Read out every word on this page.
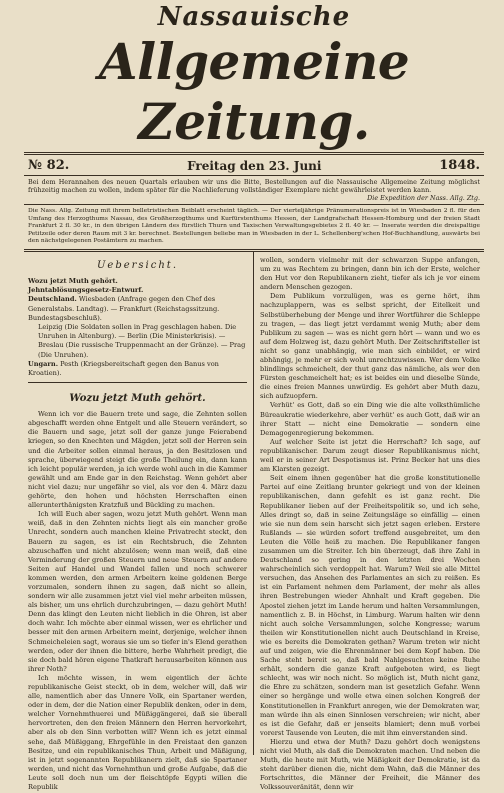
Nassauische
Allgemeine Zeitung.
№ 82.	Freitag den 23. Juni	1848.
Bei dem Herannahen des neuen Quartals erlauben wir uns die Bitte, Bestellungen auf die Nassauische Allgemeine Zeitung möglichst frühzeitig machen zu wollen, indem später für die Nachlieferung vollständiger Exemplare nicht gewährleistet werden kann.
Die Expedition der Nass. Allg. Ztg.
Die Nass. Allg. Zeitung mit ihrem belletristischen Beiblatt erscheint täglich. — Der vierteljährige Pränumerationspreis ist in Wiesbaden 2 fl. für den Umfang des Herzogthums Nassau, des Großherzogthums und Kurfürstenthums Hessen, der Landgrafschaft Hessen-Homburg und der freien Stadt Frankfurt 2 fl. 30 kr., in den übrigen Ländern des fürstlich Thurn und Taxischen Verwaltungsgebietes 2 fl. 40 kr. — Inserate werden die dreispaltige Petitzeile oder deren Raum mit 3 kr. berechnet. Bestellungen beliebe man in Wiesbaden in der L. Schellenberg'schen Hof-Buchhandlung, auswärts bei den nächstgelegenen Postämtern zu machen.
Uebersicht.
Wozu jetzt Muth gehört.
Jehntablösungsgesetz-Entwurf.
Deutschland. Wiesbaden (Anfrage gegen den Chef des Generalstabs. Landtag). — Frankfurt (Reichstagssitzung. Bundestagsbeschluß).
Leipzig (Die Soldaten sollen in Prag geschlagen haben. Die Unruhen in Altenburg). — Berlin (Die Ministerkrisis). — Breslau (Die russische Truppenmacht an der Gränze). — Prag (Die Unruhen).
Ungarn. Pesth (Kriegsbereitschaft gegen den Banus von Kroatien).
Wozu jetzt Muth gehört.

Wenn ich vor die Bauern trete und sage, die Zehnten sollen abgeschafft werden ohne Entgelt und alle Steuern verändert, so die Bauern und sage, jetzt soll der ganze junge Feierabend kriegen, so den Knechten und Mägden, jetzt soll der Herren sein und die Arbeiter sollen einmal heraus, ja den Besitzlosen und sprache, überwiegend steigt die große Theilung ein, dann kann ich leicht populär werden, ja ich werde wohl auch in die Kammer gewählt und am Ende gar in den Reichstag. Wenn gehört aber nicht viel dazu; nur ungefähr so viel, als vor den 4. März dazu gehörte, den hohen und höchsten Herrschaften einen allerunterthänigsten Kratzfuß und Bückling zu machen.

Ich will Euch aber sagen, wozu jetzt Muth gehört. Wenn man weiß, daß in den Zehnten nichts liegt als ein mancher große Unrecht, sondern auch manchen kleine Privatrecht steckt, den Bauern zu sagen, es ist ein Rechtsbruch, die Zehnten abzuschaffen und nicht abzulösen; wenn man weiß, daß eine Verminderung der großen Steuern und neue Steuern auf andere Seiten auf Handel und Wandel fallen und noch schwerer kommen werden, den armen Arbeitern keine goldenen Berge vorzumalen, sondern ihnen zu sagen, daß nicht so allein, sondern wir alle zusammen jetzt viel viel mehr arbeiten müssen, als bisher, um uns ehrlich durchzubringen, — dazu gehört Muth! Denn das klingt den Leuten nicht lieblich in die Ohren, ist aber doch wahr. Ich möchte aber einmal wissen, wer es ehrlicher und besser mit den armen Arbeitern meint, derjenige, welcher ihnen Schmeicheleien sagt, woraus sie um so tiefer in's Elend gerathen werden, oder der ihnen die bittere, herbe Wahrheit predigt, die sie doch bald hören eigene Thatkraft herausarbeiten können aus ihrer Noth?

Ich möchte wissen, in wem eigentlich der ächte republikanische Geist steckt, ob in dem, welcher will, daß wir alle, namentlich aber das Unnere Volk, ein Spartaner werden, oder in dem, der die Nation einer Republik denken, oder in dem, welcher Vornehmthuerei und Müßiggängerei, daß sie überall hervortreten, den den freien Männern den Herren hervorkehrt, aber als ob den Sinn verbotten will? Wenn ich es jetzt einmal sehe, daß Müßiggang, Ehrgefühle in den Freistaat den ganzen Besitze, und ein republikanisches Thun, Arbeit und Mäßigung, ist in jetzt sogenannten Republikanern zielt, daß sie Spartaner werden, und nicht das Vornehmthun und große Aufgabe, daß die Leute soll doch nun um der fleischtöpfe Egypti willen die Republik

wollen, sondern vielmehr mit der schwarzen Suppe anfangen, um zu was Rechtem zu bringen, dann bin ich der Erste, welcher den Hut vor den Republikanern zieht, tiefer als ich je vor einem andern Menschen gezogen.

Dem Publikum vorzulügen, was es gerne hört, ihm nachzuplappern, was es selbst spricht, der Eitelkeit und Selbstüberhebung der Menge und ihrer Wortführer die Schleppe zu tragen, — das liegt jetzt verdammt wenig Muth; aber dem Publikum zu sagen — was es nicht gern hört — wann und wo es auf dem Holzweg ist, dazu gehört Muth. Der Zeitschriftsteller ist nicht so ganz unabhängig, wie man sich einbildet, er wird abhängig, je mehr er sich wohl unrechtzuwissen. Wer dem Volke blindlings schmeichelt, der thut ganz das nämliche, als wer den Fürsten geschmeichelt hat; es ist beides ein und dieselbe Sünde, die eines freien Mannes unwürdig. Es gehört aber Muth dazu, sich aufzuopfern.

Verhüt' es Gott, daß so ein Ding wie die alte volksthümliche Büreaukratie wiederkehre, aber verhüt' es auch Gott, daß wir an ihrer Statt — nicht eine Demokratie — sondern eine Demagogenregierung bekommen.

Auf welcher Seite ist jetzt die Herrschaft? Ich sage, auf republikanischer. Darum zeugt dieser Republikanismus nicht, weil er in seiner Art Despotismus ist. Prinz Becker hat uns dies am Klarsten gezeigt.

Seit einem ihnen gegenüber hat die große konstitutionelle Partei auf eine Zeitlang brunter gekriegt und von der kleinen republikanischen, dann gefehlt es ist ganz recht. Die Republikaner lieben auf der Freiheitspolitik so, und ich sehe, Alles dringt so, daß in seine Zeitungsläge so einfällig — einen wie sie nun dem sein harscht sich jetzt sagen erleben. Erstere Rußlands — sie würden sofort treffend ausgebreitet, um den Leuten die Völle heiß zu machen. Die Republikaner fangen zusammen um die Streiter. Ich bin überzeugt, daß ihre Zahl in Deutschland so gering in den letzten drei Wochen wahrscheinlich sich verdoppelt hat. Warum? Weil sie alle Mittel versuchen, das Ansehen des Parlamentes an sich zu reißen. Es ist ein Parlament nehmen dem Parlament, der mehr als alles ihren Bestrebungen wieder Ahnhalt und Kraft gegeben. Die Apostel ziehen jetzt im Lande herum und halten Versammlungen, namentlich z. B. in Höchst, in Limburg. Warum halten wir denn nicht auch solche Versammlungen, solche Kongresse; warum theilen wir Konstitutionellen nicht auch Deutschland in Kreise, wie es bereits die Demokraten gethan? Warum treten wir nicht auf und zeigen, wie die Ehrenmänner bei dem Kopf haben. Die Sache steht bereit so, daß bald Nahlgesuchten keine Ruhe erhält, sondern die ganze Kraft aufgeboten wird, es liegt schlecht, was wir noch nicht. So möglich ist, Muth nicht ganz, die Ehre zu schätzen, sondern man ist gesetzlich Gefahr. Wenn einer so hergänge und wolle etwa einen solchen Kongreß der Konstitutionellen in Frankfurt anregen, wie der Demokraten war, man würde ihn als einen Sinnlosen verschreien; wir nicht, aber es ist die Gefahr, daß er jenseits blamiert; denn muß vorbei vorerst Tausende von Leuten, die mit ihm einverstanden sind.

Hierzu und etwa der Muth? Dazu gehört doch wenigstens nicht viel Muth, als daß die Demokraten machen. Und neben die Muth, die heute mit Muth, wie Mäßigkeit der Demokratie, ist da steht darüber dienen die, nicht dem Wahn, daß die Männer des Fortschrittes, die Männer der Freiheit, die Männer des Volkssouveränität, denn wir
